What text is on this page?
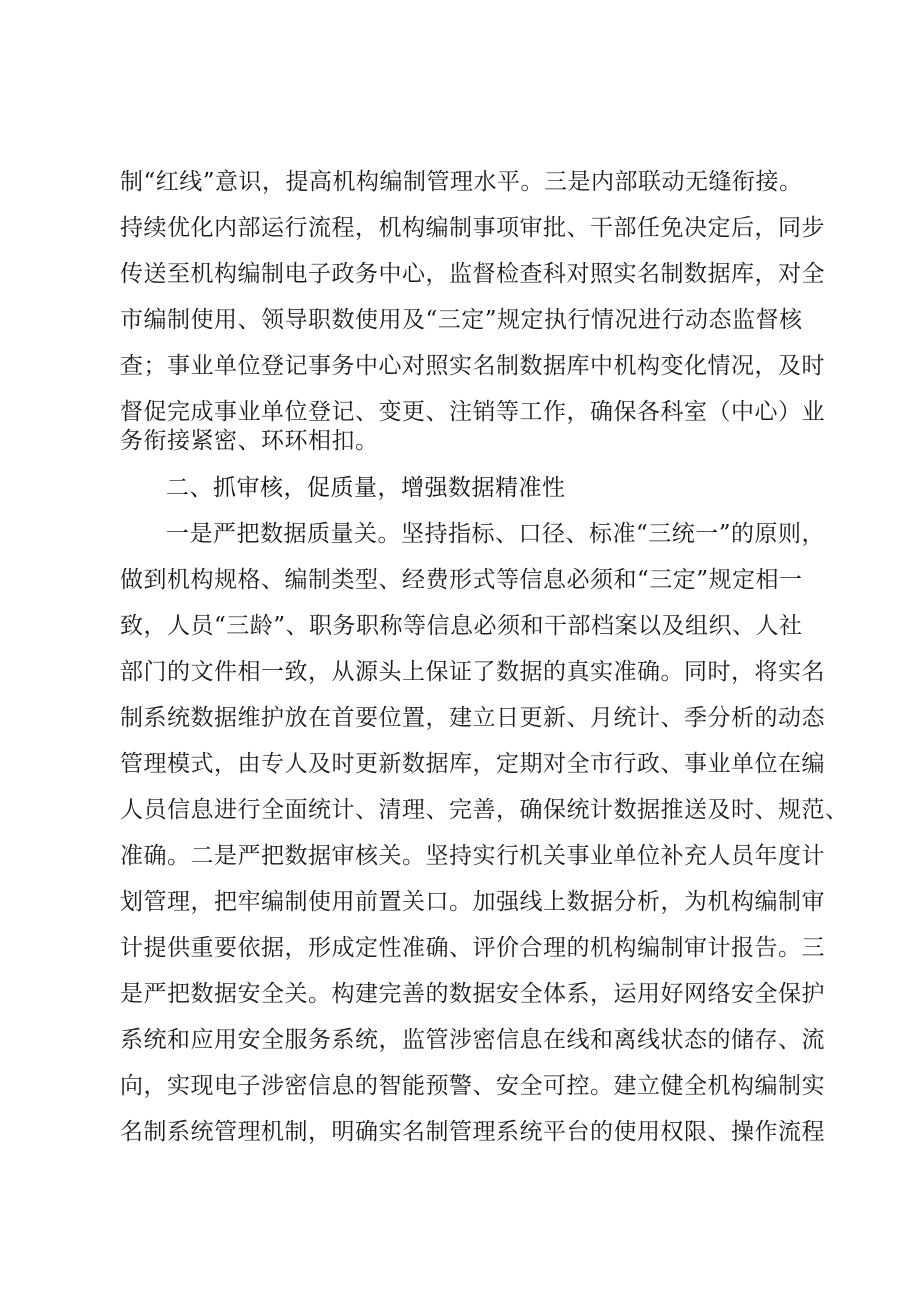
制“红线”意识，提高机构编制管理水平。三是内部联动无缝衔接。
持续优化内部运行流程，机构编制事项审批、干部任免决定后，同步
传送至机构编制电子政务中心，监督检查科对照实名制数据库，对全
市编制使用、领导职数使用及“三定”规定执行情况进行动态监督核
查；事业单位登记事务中心对照实名制数据库中机构变化情况，及时
督促完成事业单位登记、变更、注销等工作，确保各科室（中心）业
务衔接紧密、环环相扣。
二、抓审核，促质量，增强数据精准性
一是严把数据质量关。坚持指标、口径、标准“三统一”的原则，
做到机构规格、编制类型、经费形式等信息必须和“三定”规定相一
致，人员“三龄”、职务职称等信息必须和干部档案以及组织、人社
部门的文件相一致，从源头上保证了数据的真实准确。同时，将实名
制系统数据维护放在首要位置，建立日更新、月统计、季分析的动态
管理模式，由专人及时更新数据库，定期对全市行政、事业单位在编
人员信息进行全面统计、清理、完善，确保统计数据推送及时、规范、
准确。二是严把数据审核关。坚持实行机关事业单位补充人员年度计
划管理，把牢编制使用前置关口。加强线上数据分析，为机构编制审
计提供重要依据，形成定性准确、评价合理的机构编制审计报告。三
是严把数据安全关。构建完善的数据安全体系，运用好网络安全保护
系统和应用安全服务系统，监管涉密信息在线和离线状态的储存、流
向，实现电子涉密信息的智能预警、安全可控。建立健全机构编制实
名制系统管理机制，明确实名制管理系统平台的使用权限、操作流程
